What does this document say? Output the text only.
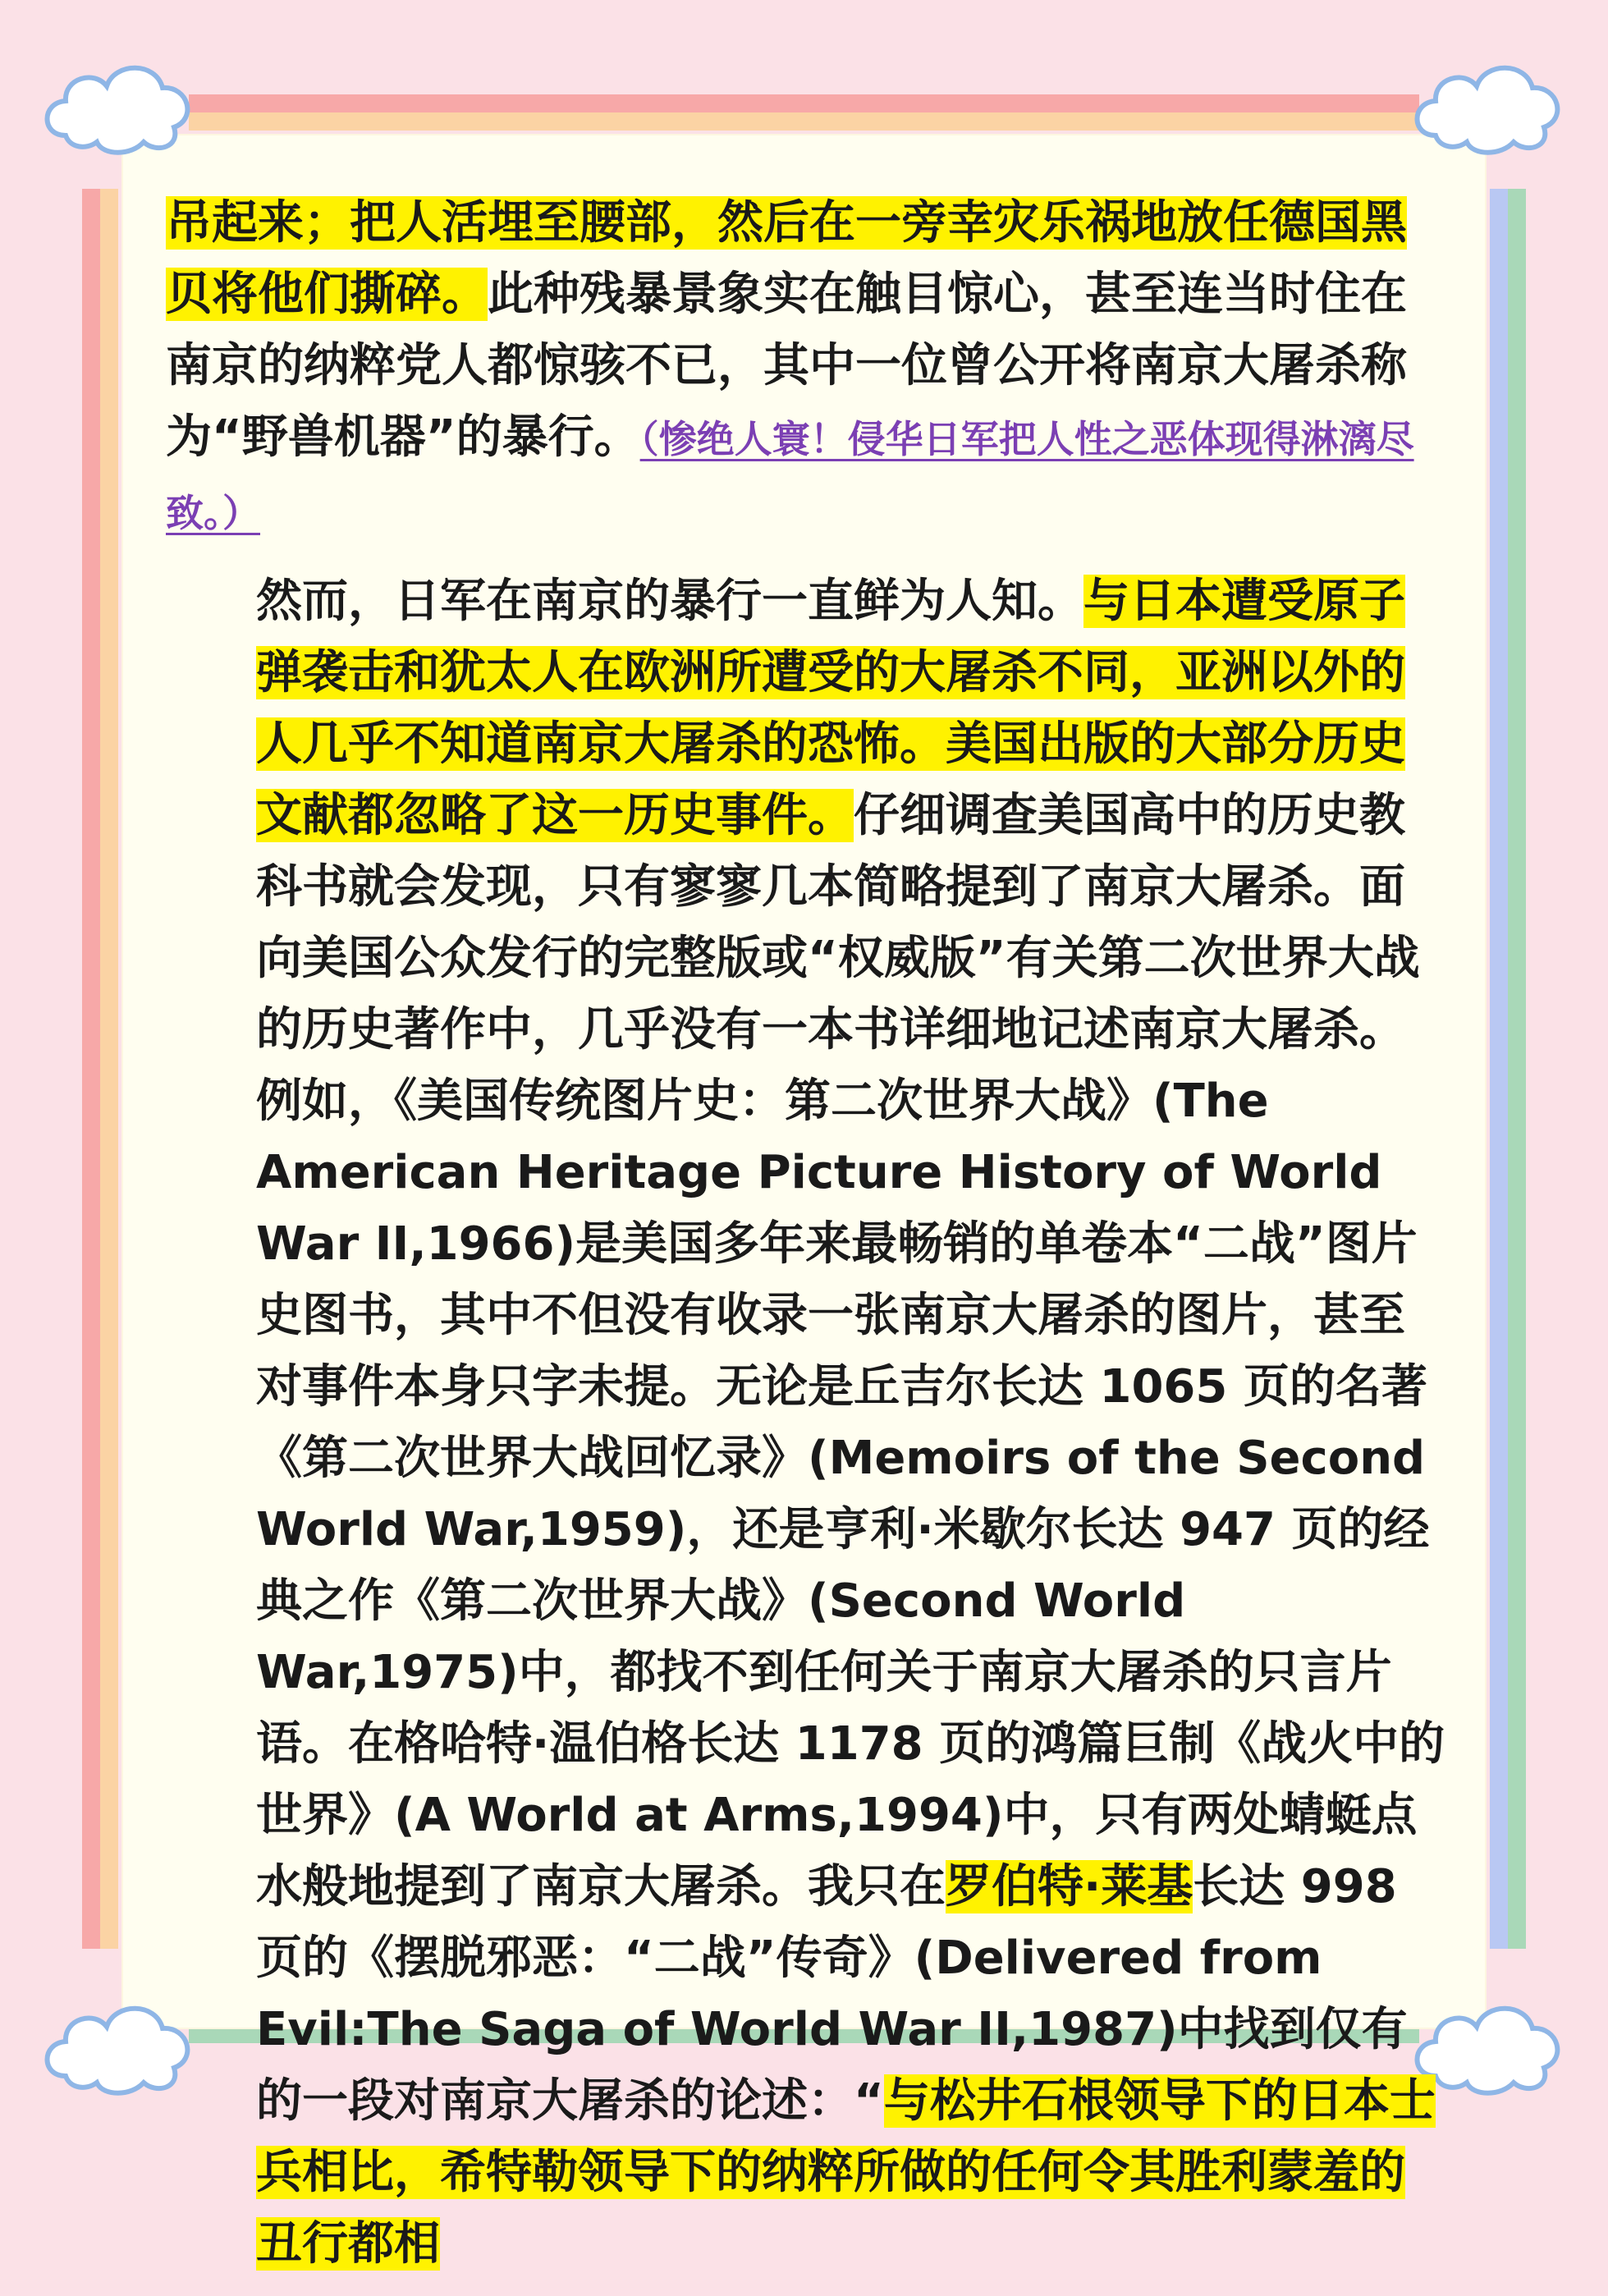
吊起来；把人活埋至腰部，然后在一旁幸灾乐祸地放任德国黑贝将他们撕碎。此种残暴景象实在触目惊心，甚至连当时住在南京的纳粹党人都惊骇不已，其中一位曾公开将南京大屠杀称为“野兽机器”的暴行。（惨绝人寰！侵华日军把人性之恶体现得淋漓尽致。）

然而，日军在南京的暴行一直鲜为人知。与日本遭受原子弹袭击和犹太人在欧洲所遭受的大屠杀不同，亚洲以外的人几乎不知道南京大屠杀的恐怖。美国出版的大部分历史文献都忽略了这一历史事件。仔细调查美国高中的历史教科书就会发现，只有寥寥几本简略提到了南京大屠杀。面向美国公众发行的完整版或“权威版”有关第二次世界大战的历史著作中，几乎没有一本书详细地记述南京大屠杀。例如，《美国传统图片史：第二次世界大战》(The American Heritage Picture History of World War II,1966)是美国多年来最畅销的单卷本“二战”图片史图书，其中不但没有收录一张南京大屠杀的图片，甚至对事件本身只字未提。无论是丘吉尔长达 1065 页的名著《第二次世界大战回忆录》(Memoirs of the Second World War,1959)，还是亨利·米歇尔长达 947 页的经典之作《第二次世界大战》(Second World War,1975)中，都找不到任何关于南京大屠杀的只言片语。在格哈特·温伯格长达 1178 页的鸿篇巨制《战火中的世界》(A World at Arms,1994)中，只有两处蜻蜓点水般地提到了南京大屠杀。我只在罗伯特·莱基长达 998 页的《摆脱邪恶：“二战”传奇》(Delivered from Evil:The Saga of World War II,1987)中找到仅有的一段对南京大屠杀的论述：“与松井石根领导下的日本士兵相比，希特勒领导下的纳粹所做的任何令其胜利蒙羞的丑行都相
